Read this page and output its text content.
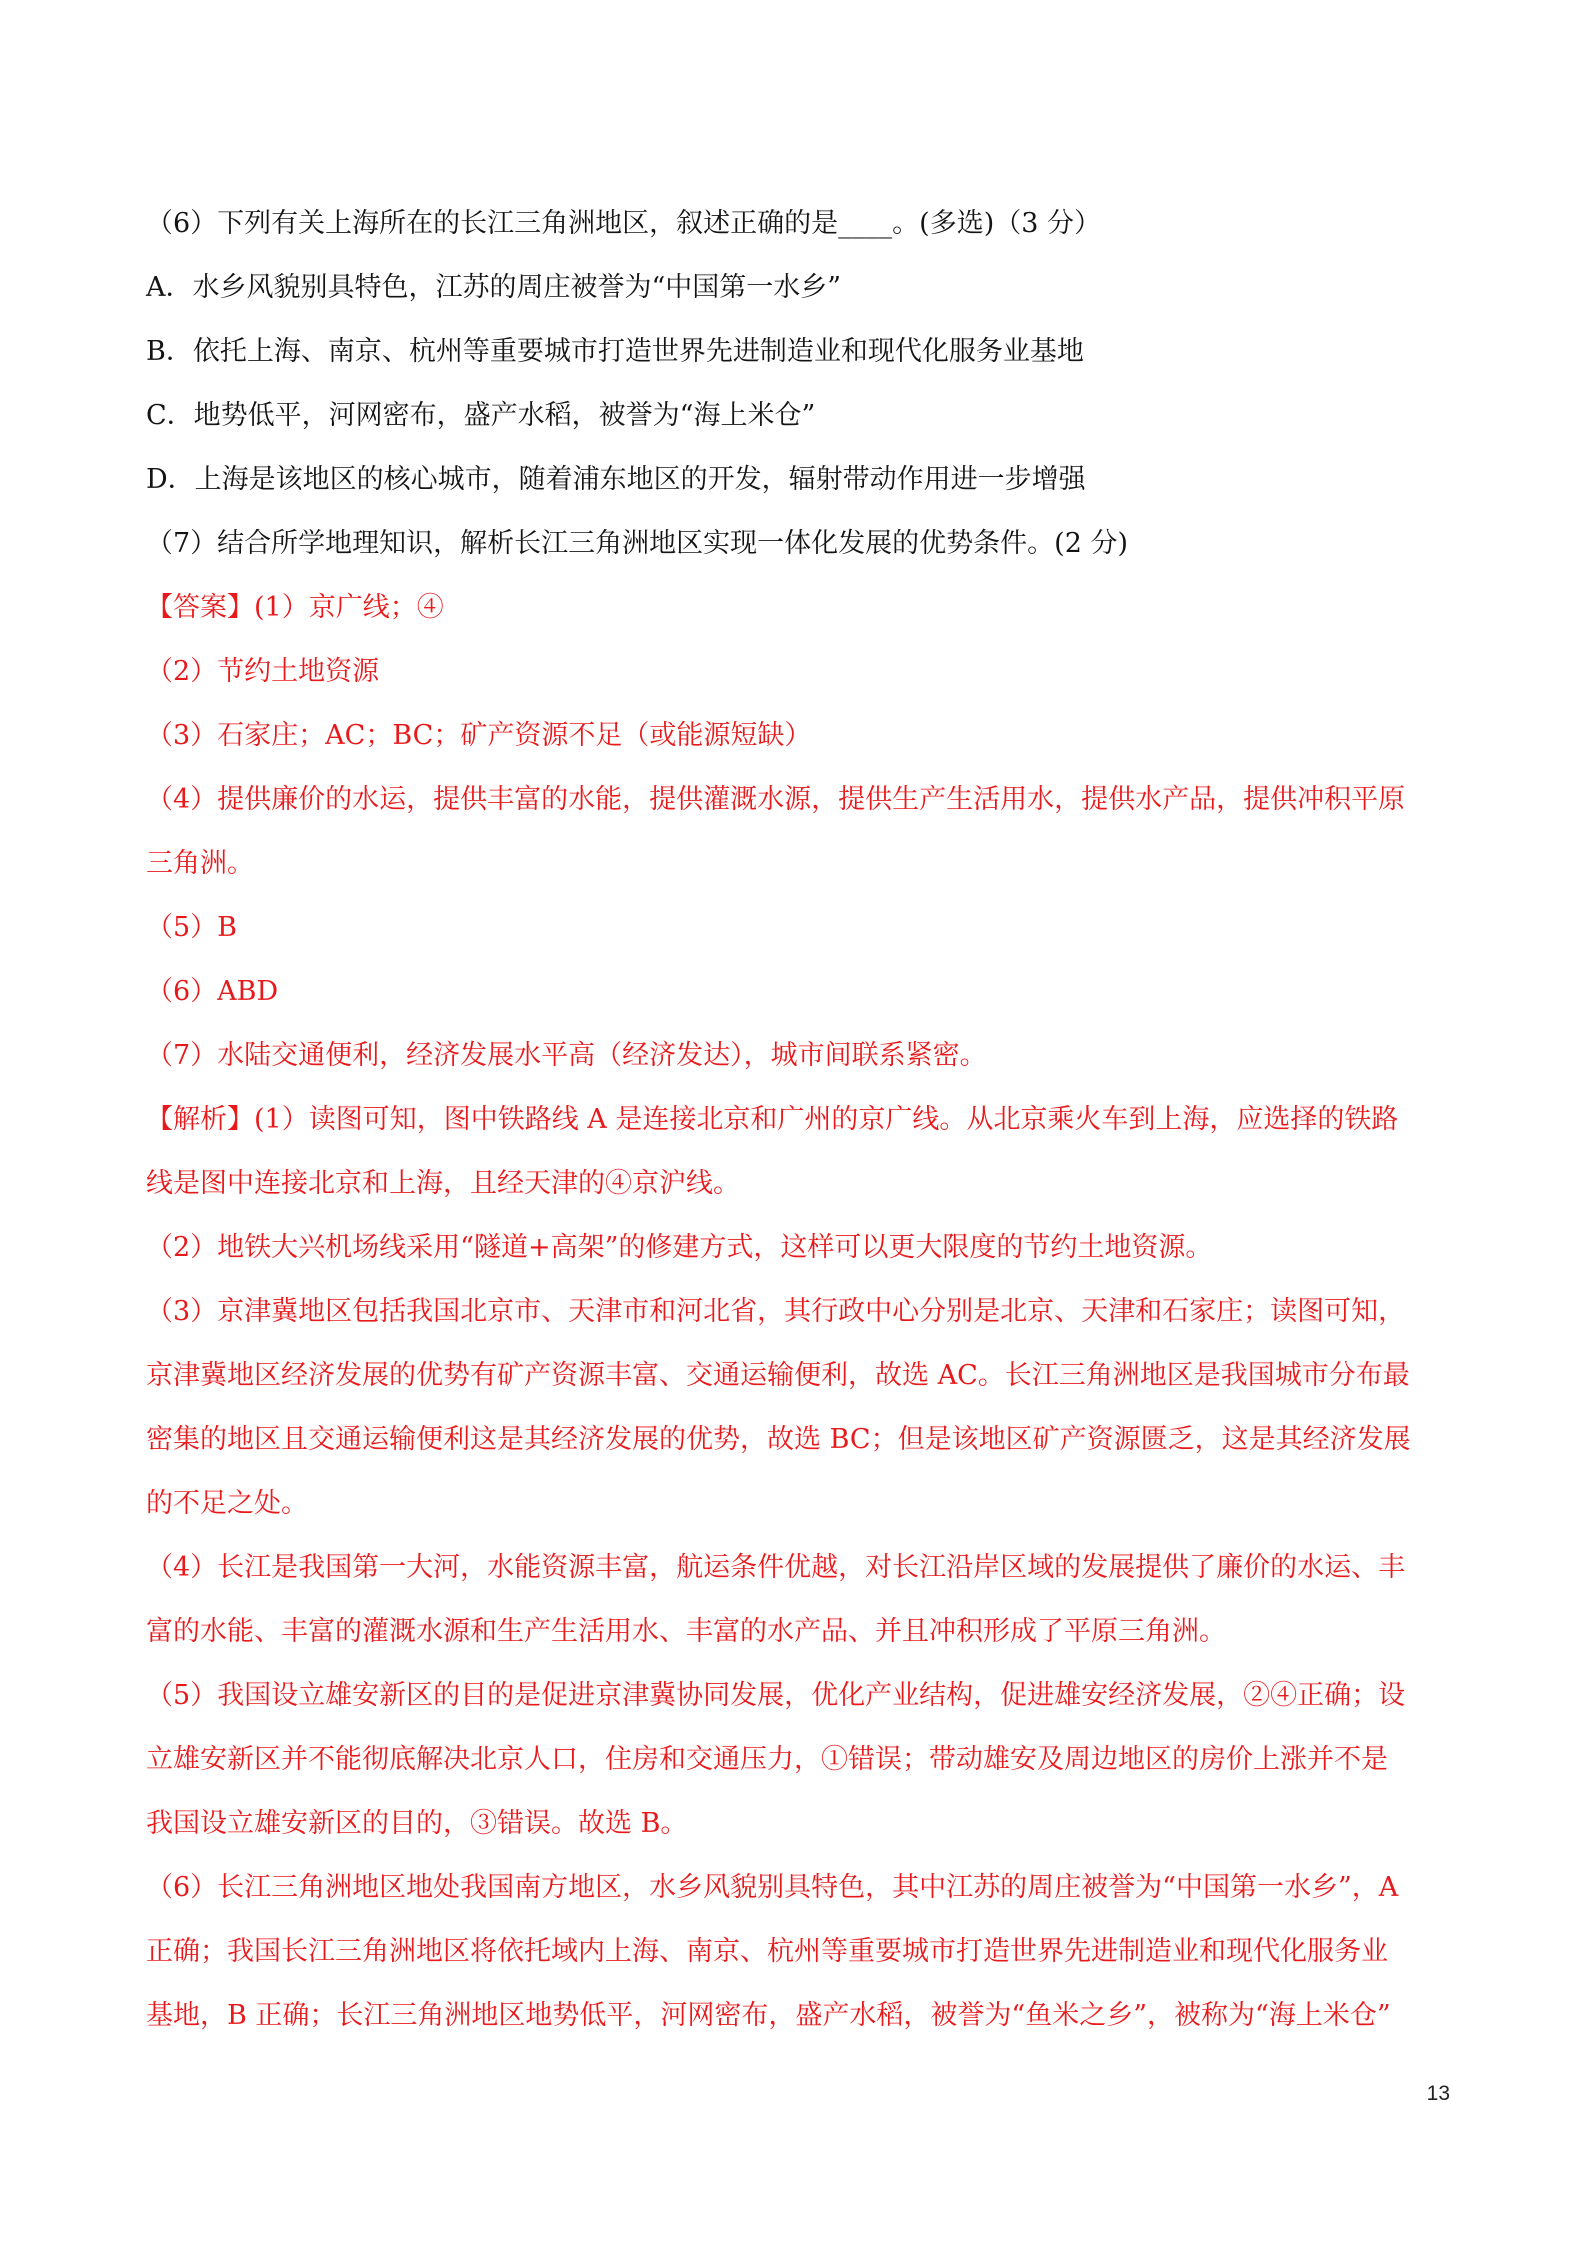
（6）下列有关上海所在的长江三角洲地区，叙述正确的是____。(多选)（3 分）
A．水乡风貌别具特色，江苏的周庄被誉为“中国第一水乡”
B．依托上海、南京、杭州等重要城市打造世界先进制造业和现代化服务业基地
C．地势低平，河网密布，盛产水稻，被誉为“海上米仓”
D．上海是该地区的核心城市，随着浦东地区的开发，辐射带动作用进一步增强
（7）结合所学地理知识，解析长江三角洲地区实现一体化发展的优势条件。(2 分)
【答案】(1）京广线；④
（2）节约土地资源
（3）石家庄；AC；BC；矿产资源不足（或能源短缺）
（4）提供廉价的水运，提供丰富的水能，提供灌溉水源，提供生产生活用水，提供水产品，提供冲积平原
三角洲。
（5）B
（6）ABD
（7）水陆交通便利，经济发展水平高（经济发达），城市间联系紧密。
【解析】(1）读图可知，图中铁路线 A 是连接北京和广州的京广线。从北京乘火车到上海，应选择的铁路
线是图中连接北京和上海，且经天津的④京沪线。
（2）地铁大兴机场线采用“隧道+高架”的修建方式，这样可以更大限度的节约土地资源。
（3）京津冀地区包括我国北京市、天津市和河北省，其行政中心分别是北京、天津和石家庄；读图可知，
京津冀地区经济发展的优势有矿产资源丰富、交通运输便利，故选 AC。长江三角洲地区是我国城市分布最
密集的地区且交通运输便利这是其经济发展的优势，故选 BC；但是该地区矿产资源匮乏，这是其经济发展
的不足之处。
（4）长江是我国第一大河，水能资源丰富，航运条件优越，对长江沿岸区域的发展提供了廉价的水运、丰
富的水能、丰富的灌溉水源和生产生活用水、丰富的水产品、并且冲积形成了平原三角洲。
（5）我国设立雄安新区的目的是促进京津冀协同发展，优化产业结构，促进雄安经济发展，②④正确；设
立雄安新区并不能彻底解决北京人口，住房和交通压力，①错误；带动雄安及周边地区的房价上涨并不是
我国设立雄安新区的目的，③错误。故选 B。
（6）长江三角洲地区地处我国南方地区，水乡风貌别具特色，其中江苏的周庄被誉为“中国第一水乡”，A
正确；我国长江三角洲地区将依托域内上海、南京、杭州等重要城市打造世界先进制造业和现代化服务业
基地，B 正确；长江三角洲地区地势低平，河网密布，盛产水稻，被誉为“鱼米之乡”，被称为“海上米仓”
13
